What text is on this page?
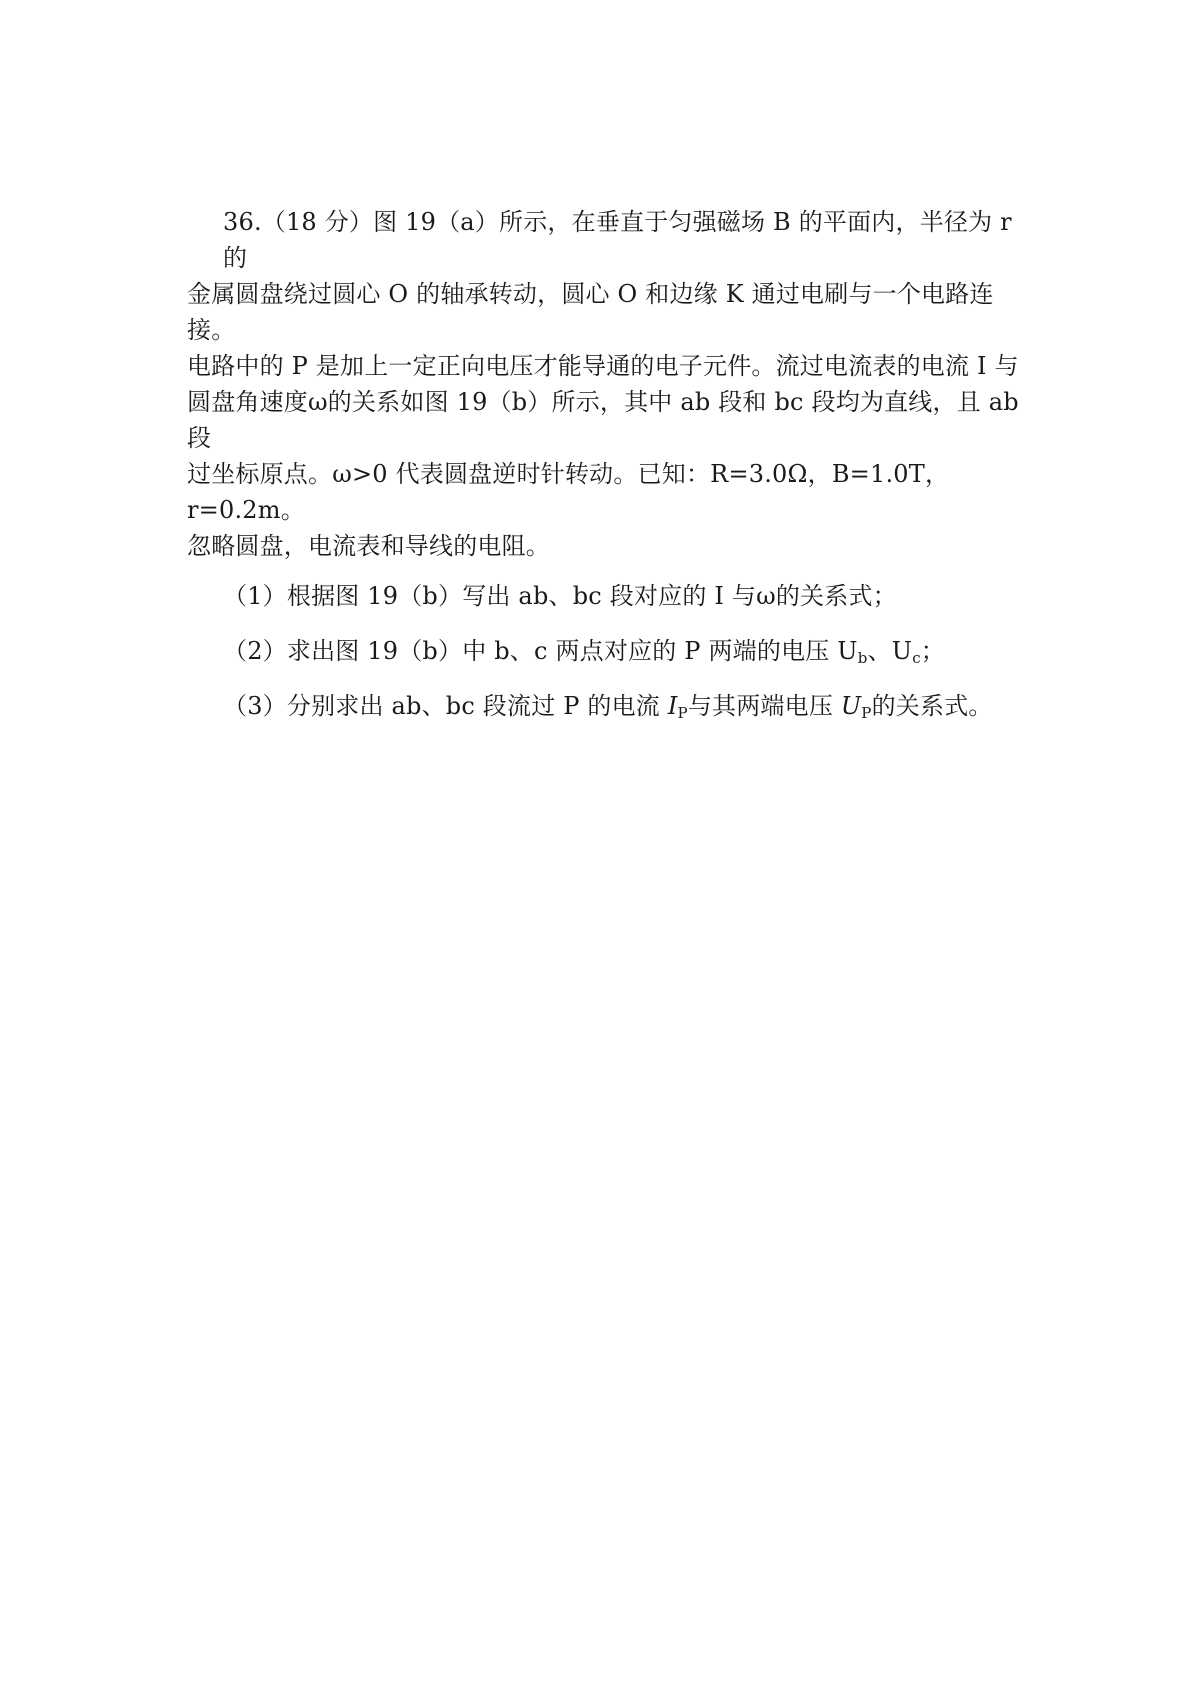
36.（18 分）图 19（a）所示，在垂直于匀强磁场 B 的平面内，半径为 r 的
金属圆盘绕过圆心 O 的轴承转动，圆心 O 和边缘 K 通过电刷与一个电路连接。
电路中的 P 是加上一定正向电压才能导通的电子元件。流过电流表的电流 I 与
圆盘角速度ω的关系如图 19（b）所示，其中 ab 段和 bc 段均为直线，且 ab 段
过坐标原点。ω>0 代表圆盘逆时针转动。已知：R=3.0Ω，B=1.0T，r=0.2m。
忽略圆盘，电流表和导线的电阻。
（1）根据图 19（b）写出 ab、bc 段对应的 I 与ω的关系式；
（2）求出图 19（b）中 b、c 两点对应的 P 两端的电压 $U_b$、$U_c$；
（3）分别求出 ab、bc 段流过 P 的电流 $I_P$与其两端电压 $U_P$的关系式。
